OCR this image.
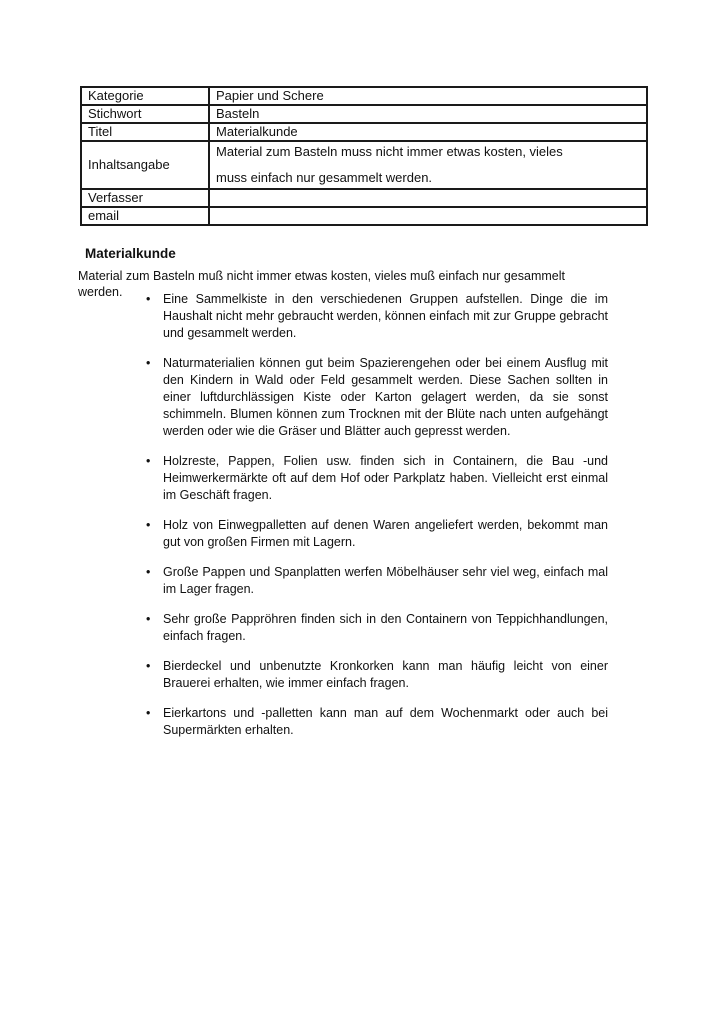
Kategorie	Papier und Schere
Stichwort	Basteln
Titel	Materialkunde
Inhaltsangabe	Material zum Basteln muss nicht immer etwas kosten, vieles
muss einfach nur gesammelt werden.

Verfasser	
email	
Materialkunde
Material zum Basteln muß nicht immer etwas kosten, vieles muß einfach nur gesammelt werden.	• Eine Sammelkiste in den verschiedenen Gruppen aufstellen. Dinge die im Haushalt nicht mehr gebraucht werden, können einfach mit zur Gruppe gebracht und gesammelt werden.
• Naturmaterialien können gut beim Spazierengehen oder bei einem Ausflug mit den Kindern in Wald oder Feld gesammelt werden. Diese Sachen sollten in einer luftdurchlässigen Kiste oder Karton gelagert werden, da sie sonst schimmeln. Blumen können zum Trocknen mit der Blüte nach unten aufgehängt werden oder wie die Gräser und Blätter auch gepresst werden.
• Holzreste, Pappen, Folien usw. finden sich in Containern, die Bau -und Heimwerkermärkte oft auf dem Hof oder Parkplatz haben. Vielleicht erst einmal im Geschäft fragen.
• Holz von Einwegpalletten auf denen Waren angeliefert werden, bekommt man gut von großen Firmen mit Lagern.
• Große Pappen und Spanplatten werfen Möbelhäuser sehr viel weg, einfach mal im Lager fragen.
• Sehr große Pappröhren finden sich in den Containern von Teppichhandlungen, einfach fragen.
• Bierdeckel und unbenutzte Kronkorken kann man häufig leicht von einer Brauerei erhalten, wie immer einfach fragen.
• Eierkartons und -palletten kann man auf dem Wochenmarkt oder auch bei Supermärkten erhalten.
